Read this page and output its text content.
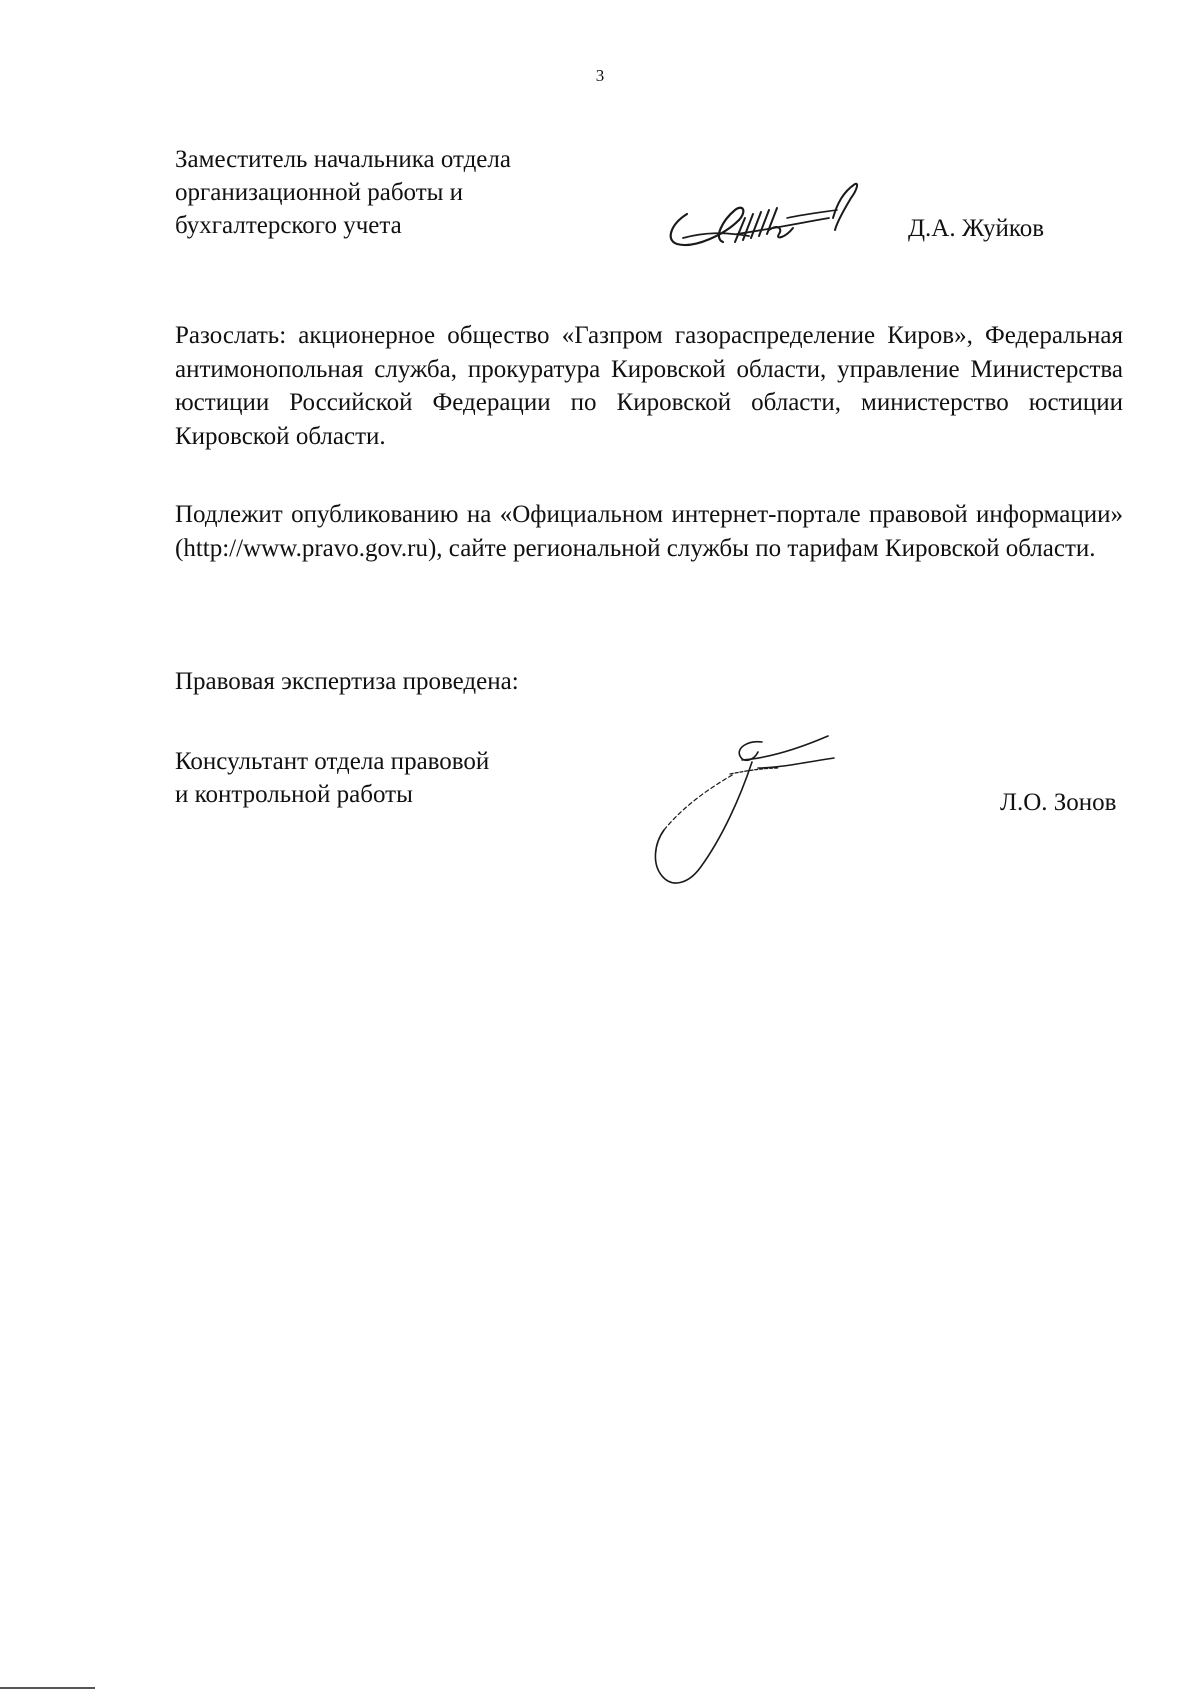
3
Заместитель начальника отдела
организационной работы и
бухгалтерского учета	Д.А. Жуйков
Разослать: акционерное общество «Газпром газораспределение Киров», Федеральная антимонопольная служба, прокуратура Кировской области, управление Министерства юстиции Российской Федерации по Кировской области, министерство юстиции Кировской области.
Подлежит опубликованию на «Официальном интернет-портале правовой информации» (http://www.pravo.gov.ru), сайте региональной службы по тарифам Кировской области.
Правовая экспертиза проведена:
Консультант отдела правовой
и контрольной работы	Л.О. Зонов
